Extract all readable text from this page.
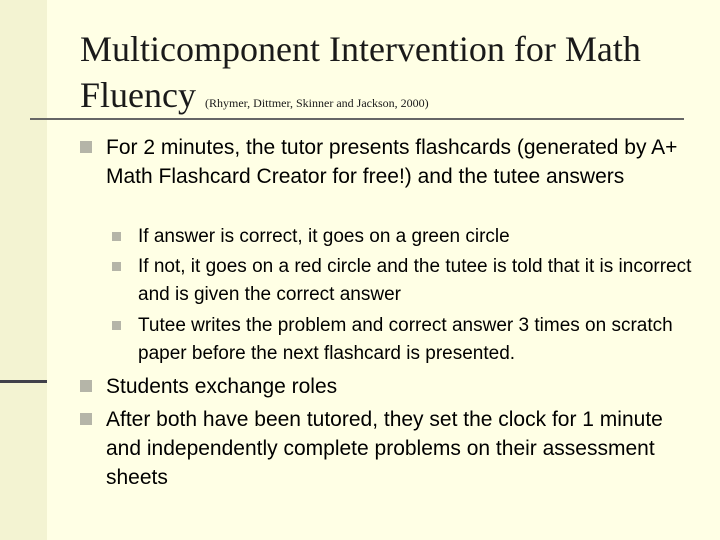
Multicomponent Intervention for Math Fluency (Rhymer, Dittmer, Skinner and Jackson, 2000)
For 2 minutes, the tutor presents flashcards (generated by A+ Math Flashcard Creator for free!) and the tutee answers
If answer is correct, it goes on a green circle
If not, it goes on a red circle and the tutee is told that it is incorrect and is given the correct answer
Tutee writes the problem and correct answer 3 times on scratch paper before the next flashcard is presented.
Students exchange roles
After both have been tutored, they set the clock for 1 minute and independently complete problems on their assessment sheets
